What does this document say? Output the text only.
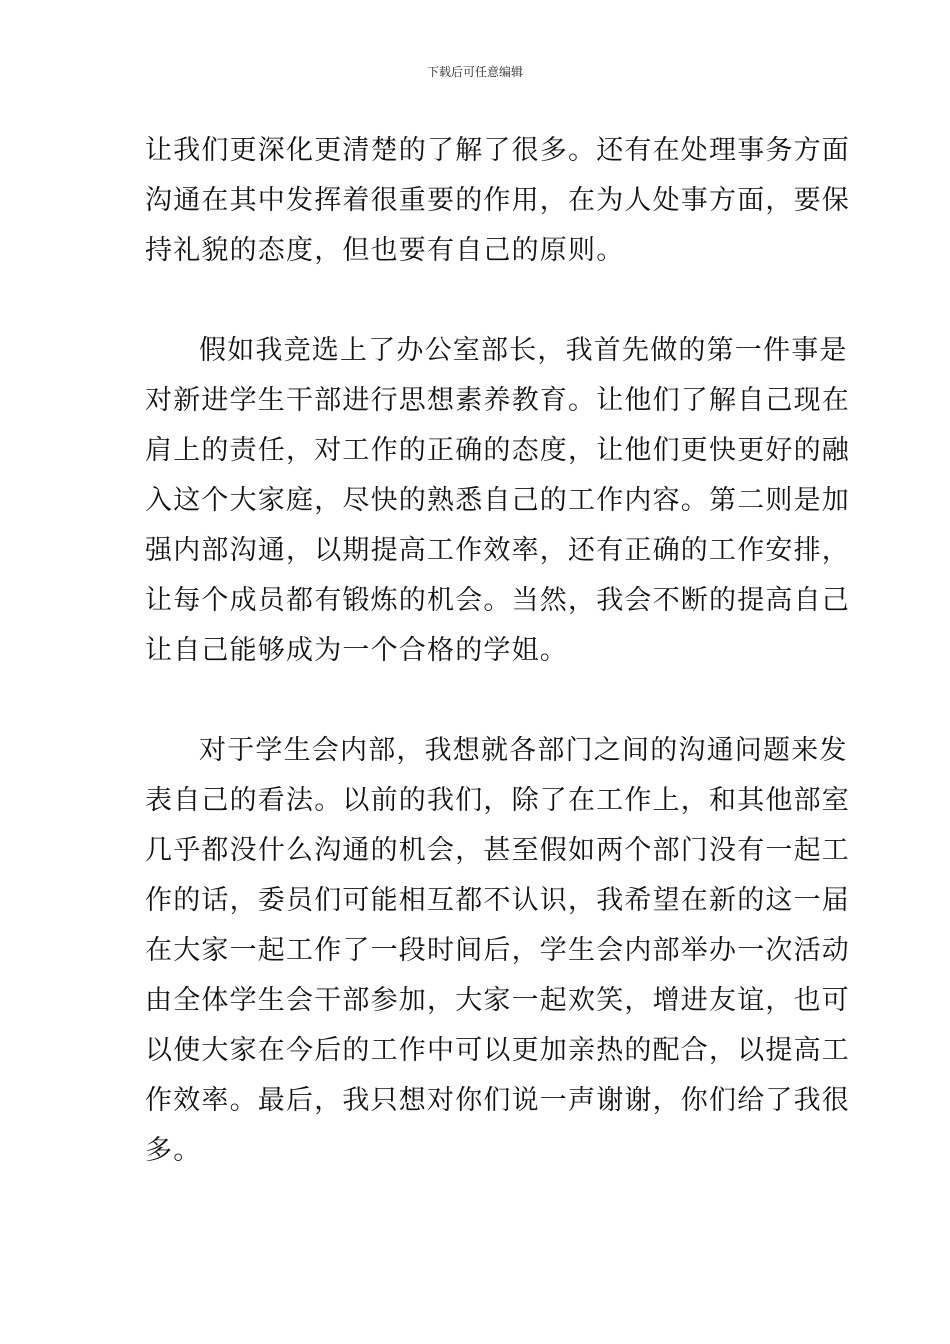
下载后可任意编辑
让我们更深化更清楚的了解了很多。还有在处理事务方面
沟通在其中发挥着很重要的作用，在为人处事方面，要保
持礼貌的态度，但也要有自己的原则。
假如我竞选上了办公室部长，我首先做的第一件事是
对新进学生干部进行思想素养教育。让他们了解自己现在
肩上的责任，对工作的正确的态度，让他们更快更好的融
入这个大家庭，尽快的熟悉自己的工作内容。第二则是加
强内部沟通，以期提高工作效率，还有正确的工作安排，
让每个成员都有锻炼的机会。当然，我会不断的提高自己
让自己能够成为一个合格的学姐。
对于学生会内部，我想就各部门之间的沟通问题来发
表自己的看法。以前的我们，除了在工作上，和其他部室
几乎都没什么沟通的机会，甚至假如两个部门没有一起工
作的话，委员们可能相互都不认识，我希望在新的这一届
在大家一起工作了一段时间后，学生会内部举办一次活动
由全体学生会干部参加，大家一起欢笑，增进友谊，也可
以使大家在今后的工作中可以更加亲热的配合，以提高工
作效率。最后，我只想对你们说一声谢谢，你们给了我很
多。
